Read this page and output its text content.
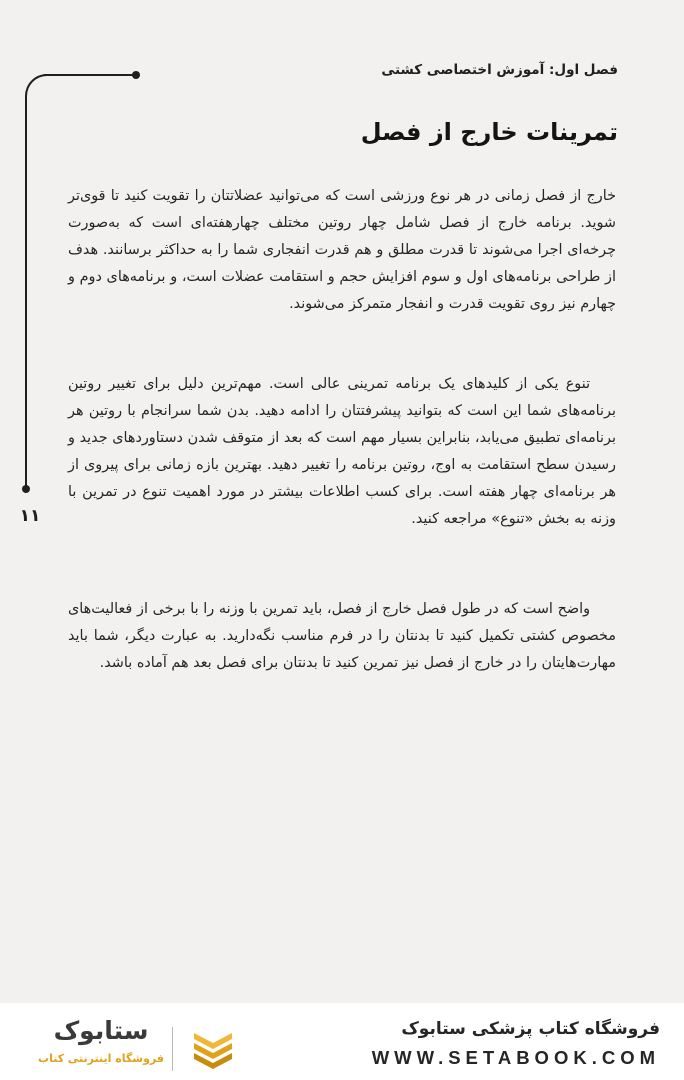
فصل اول: آموزش اختصاصی کشتی
۱۱
تمرینات خارج از فصل

خارج از فصل زمانی در هر نوع ورزشی است که می‌توانید عضلاتتان را تقویت کنید تا قوی‌تر شوید. برنامه خارج از فصل شامل چهار روتین مختلف چهارهفته‌ای است که به‌صورت چرخه‌ای اجرا می‌شوند تا قدرت مطلق و هم قدرت انفجاری شما را به حداکثر برسانند. هدف از طراحی برنامه‌های اول و سوم افزایش حجم و استقامت عضلات است، و برنامه‌های دوم و چهارم نیز روی تقویت قدرت و انفجار متمرکز می‌شوند.

تنوع یکی از کلیدهای یک برنامه تمرینی عالی است. مهم‌ترین دلیل برای تغییر روتین برنامه‌های شما این است که بتوانید پیشرفتتان را ادامه دهید. بدن شما سرانجام با روتین هر برنامه‌ای تطبیق می‌یابد، بنابراین بسیار مهم است که بعد از متوقف شدن دستاوردهای جدید و رسیدن سطح استقامت به اوج، روتین برنامه را تغییر دهید. بهترین بازه زمانی برای پیروی از هر برنامه‌ای چهار هفته است. برای کسب اطلاعات بیشتر در مورد اهمیت تنوع در تمرین با وزنه به بخش «تنوع» مراجعه کنید.

واضح است که در طول فصل خارج از فصل، باید تمرین با وزنه را با برخی از فعالیت‌های مخصوص کشتی تکمیل کنید تا بدنتان را در فرم مناسب نگه‌دارید. به عبارت دیگر، شما باید مهارت‌هایتان را در خارج از فصل نیز تمرین کنید تا بدنتان برای فصل بعد هم آماده باشد.

ستابوک
فروشگاه اینترنتی کتاب
فروشگاه کتاب پزشکی ستابوک
WWW.SETABOOK.COM
